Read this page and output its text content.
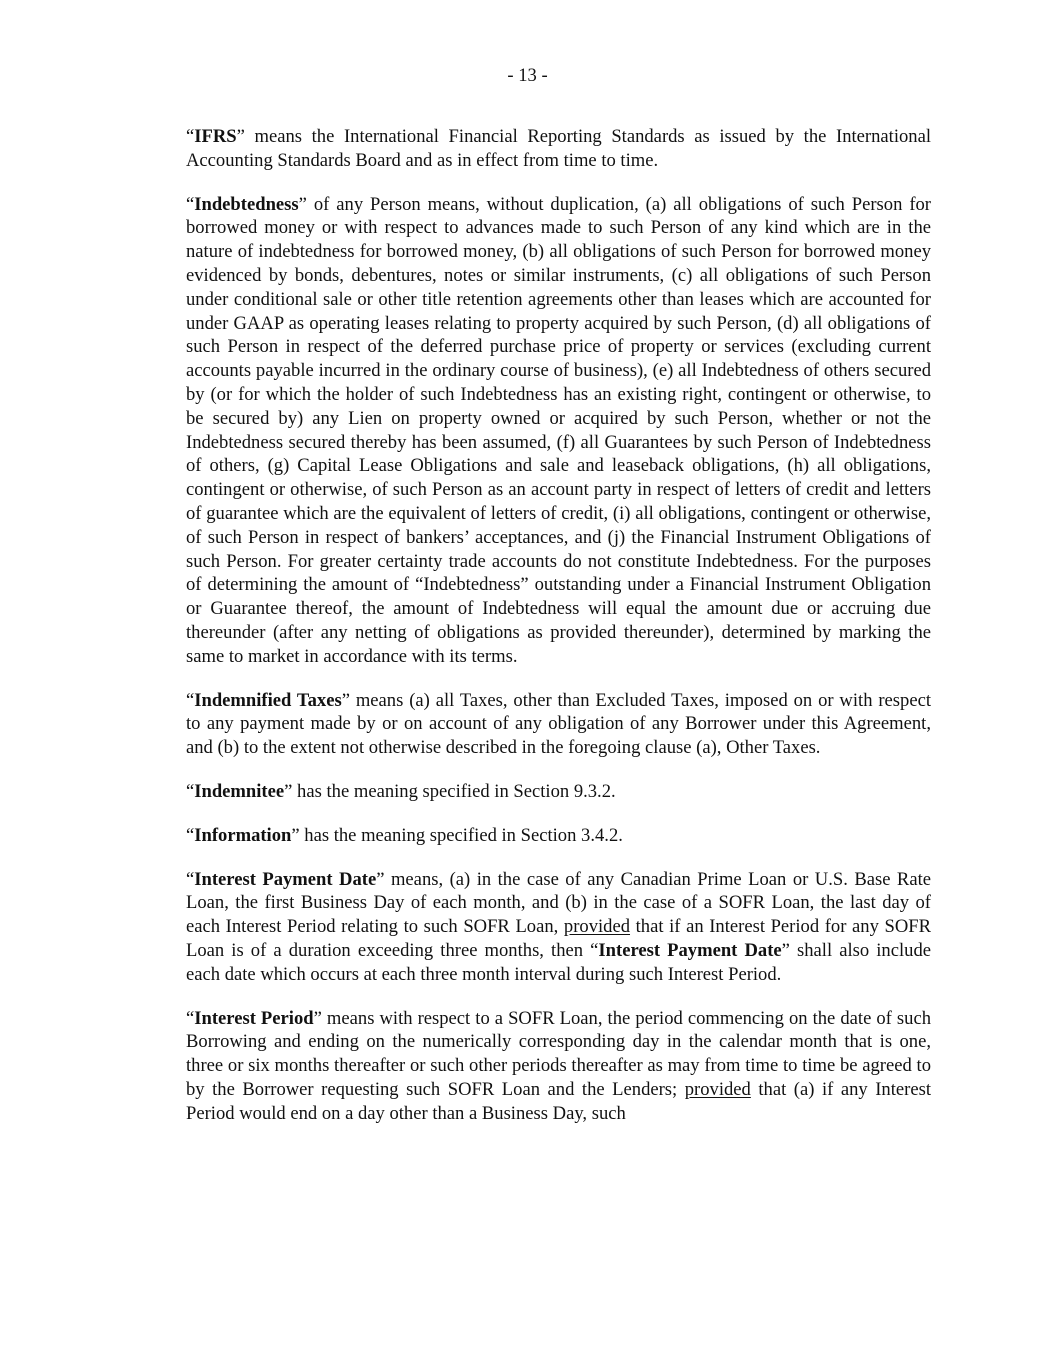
- 13 -

“IFRS” means the International Financial Reporting Standards as issued by the International Accounting Standards Board and as in effect from time to time.

“Indebtedness” of any Person means, without duplication, (a) all obligations of such Person for borrowed money or with respect to advances made to such Person of any kind which are in the nature of indebtedness for borrowed money, (b) all obligations of such Person for borrowed money evidenced by bonds, debentures, notes or similar instruments, (c) all obligations of such Person under conditional sale or other title retention agreements other than leases which are accounted for under GAAP as operating leases relating to property acquired by such Person, (d) all obligations of such Person in respect of the deferred purchase price of property or services (excluding current accounts payable incurred in the ordinary course of business), (e) all Indebtedness of others secured by (or for which the holder of such Indebtedness has an existing right, contingent or otherwise, to be secured by) any Lien on property owned or acquired by such Person, whether or not the Indebtedness secured thereby has been assumed, (f) all Guarantees by such Person of Indebtedness of others, (g) Capital Lease Obligations and sale and leaseback obligations, (h) all obligations, contingent or otherwise, of such Person as an account party in respect of letters of credit and letters of guarantee which are the equivalent of letters of credit, (i) all obligations, contingent or otherwise, of such Person in respect of bankers’ acceptances, and (j) the Financial Instrument Obligations of such Person. For greater certainty trade accounts do not constitute Indebtedness. For the purposes of determining the amount of “Indebtedness” outstanding under a Financial Instrument Obligation or Guarantee thereof, the amount of Indebtedness will equal the amount due or accruing due thereunder (after any netting of obligations as provided thereunder), determined by marking the same to market in accordance with its terms.

“Indemnified Taxes” means (a) all Taxes, other than Excluded Taxes, imposed on or with respect to any payment made by or on account of any obligation of any Borrower under this Agreement, and (b) to the extent not otherwise described in the foregoing clause (a), Other Taxes.

“Indemnitee” has the meaning specified in Section 9.3.2.

“Information” has the meaning specified in Section 3.4.2.

“Interest Payment Date” means, (a) in the case of any Canadian Prime Loan or U.S. Base Rate Loan, the first Business Day of each month, and (b) in the case of a SOFR Loan, the last day of each Interest Period relating to such SOFR Loan, provided that if an Interest Period for any SOFR Loan is of a duration exceeding three months, then “Interest Payment Date” shall also include each date which occurs at each three month interval during such Interest Period.

“Interest Period” means with respect to a SOFR Loan, the period commencing on the date of such Borrowing and ending on the numerically corresponding day in the calendar month that is one, three or six months thereafter or such other periods thereafter as may from time to time be agreed to by the Borrower requesting such SOFR Loan and the Lenders; provided that (a) if any Interest Period would end on a day other than a Business Day, such
